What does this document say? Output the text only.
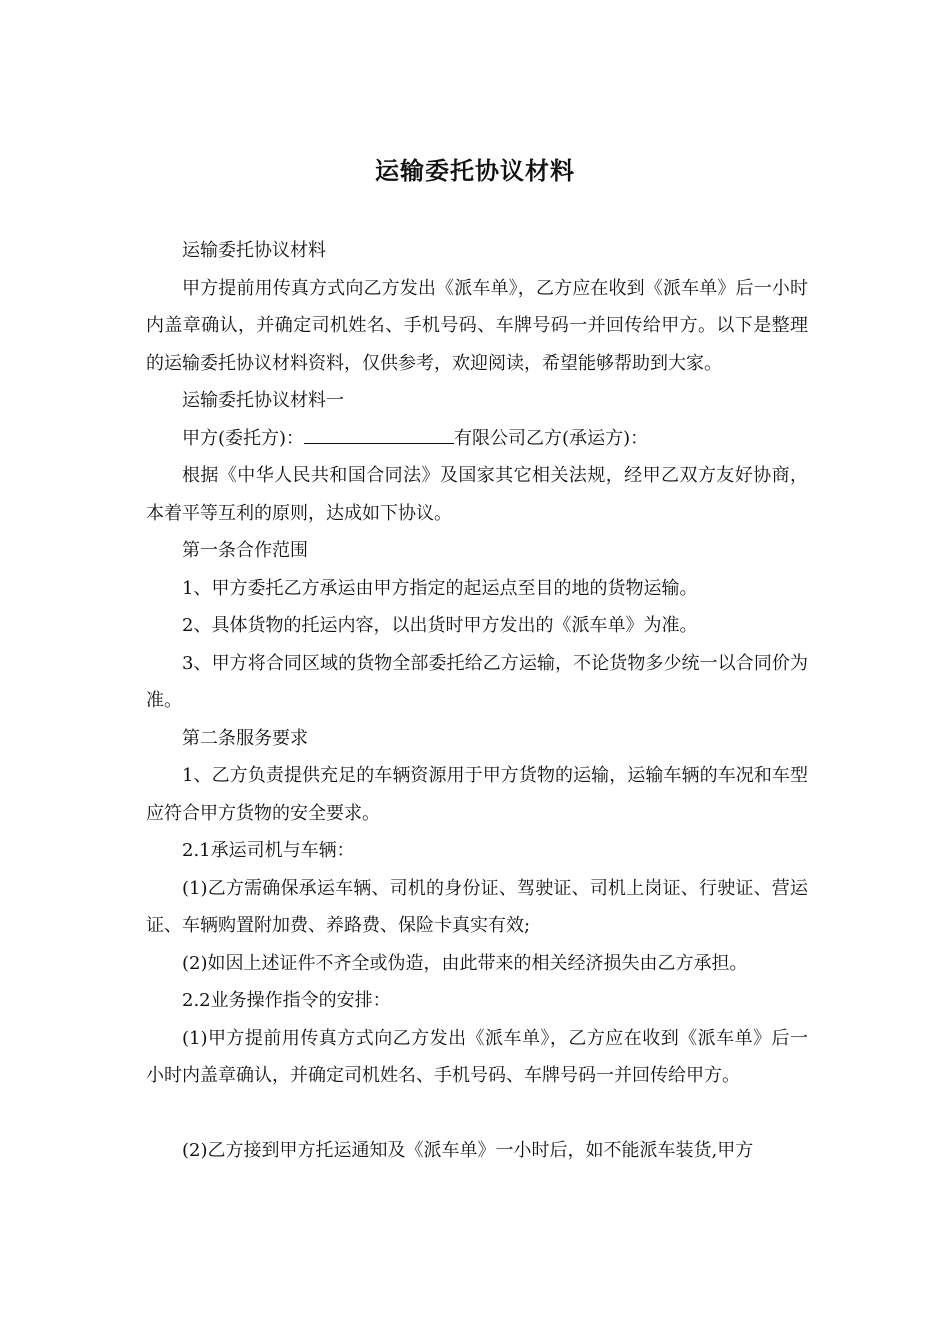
运输委托协议材料

运输委托协议材料

甲方提前用传真方式向乙方发出《派车单》，乙方应在收到《派车单》后一小时内盖章确认，并确定司机姓名、手机号码、车牌号码一并回传给甲方。以下是整理的运输委托协议材料资料，仅供参考，欢迎阅读，希望能够帮助到大家。

运输委托协议材料一

甲方(委托方)：	有限公司乙方(承运方)：

根据《中华人民共和国合同法》及国家其它相关法规，经甲乙双方友好协商，本着平等互利的原则，达成如下协议。

第一条合作范围

1、甲方委托乙方承运由甲方指定的起运点至目的地的货物运输。

2、具体货物的托运内容，以出货时甲方发出的《派车单》为准。

3、甲方将合同区域的货物全部委托给乙方运输，不论货物多少统一以合同价为准。

第二条服务要求

1、乙方负责提供充足的车辆资源用于甲方货物的运输，运输车辆的车况和车型应符合甲方货物的安全要求。

2.1承运司机与车辆：

(1)乙方需确保承运车辆、司机的身份证、驾驶证、司机上岗证、行驶证、营运证、车辆购置附加费、养路费、保险卡真实有效;

(2)如因上述证件不齐全或伪造，由此带来的相关经济损失由乙方承担。

2.2业务操作指令的安排：

(1)甲方提前用传真方式向乙方发出《派车单》，乙方应在收到《派车单》后一小时内盖章确认，并确定司机姓名、手机号码、车牌号码一并回传给甲方。

(2)乙方接到甲方托运通知及《派车单》一小时后，如不能派车装货,甲方
